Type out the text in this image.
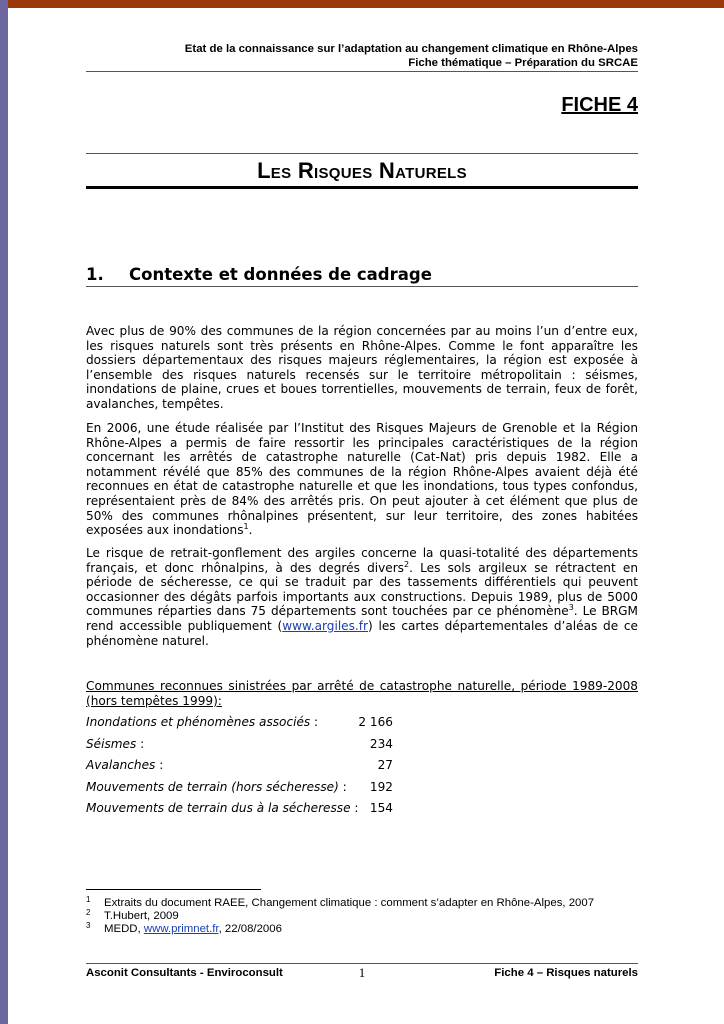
Etat de la connaissance sur l’adaptation au changement climatique en Rhône-Alpes
Fiche thématique – Préparation du SRCAE
FICHE 4
Les Risques Naturels
1. Contexte et données de cadrage
Avec plus de 90% des communes de la région concernées par au moins l’un d’entre eux, les risques naturels sont très présents en Rhône-Alpes. Comme le font apparaître les dossiers départementaux des risques majeurs réglementaires, la région est exposée à l’ensemble des risques naturels recensés sur le territoire métropolitain : séismes, inondations de plaine, crues et boues torrentielles, mouvements de terrain, feux de forêt, avalanches, tempêtes.
En 2006, une étude réalisée par l’Institut des Risques Majeurs de Grenoble et la Région Rhône-Alpes a permis de faire ressortir les principales caractéristiques de la région concernant les arrêtés de catastrophe naturelle (Cat-Nat) pris depuis 1982. Elle a notamment révélé que 85% des communes de la région Rhône-Alpes avaient déjà été reconnues en état de catastrophe naturelle et que les inondations, tous types confondus, représentaient près de 84% des arrêtés pris. On peut ajouter à cet élément que plus de 50% des communes rhônalpines présentent, sur leur territoire, des zones habitées exposées aux inondations$^1$.
Le risque de retrait-gonflement des argiles concerne la quasi-totalité des départements français, et donc rhônalpins, à des degrés divers$^2$. Les sols argileux se rétractent en période de sécheresse, ce qui se traduit par des tassements différentiels qui peuvent occasionner des dégâts parfois importants aux constructions. Depuis 1989, plus de 5000 communes réparties dans 75 départements sont touchées par ce phénomène$^3$. Le BRGM rend accessible publiquement (www.argiles.fr) les cartes départementales d’aléas de ce phénomène naturel.
Communes reconnues sinistrées par arrêté de catastrophe naturelle, période 1989-2008 (hors tempêtes 1999):
Inondations et phénomènes associés :	2 166
Séismes :	234
Avalanches :	27
Mouvements de terrain (hors sécheresse) :	192
Mouvements de terrain dus à la sécheresse : 154
1 Extraits du document RAEE, Changement climatique : comment s’adapter en Rhône-Alpes, 2007
2 T.Hubert, 2009
3 MEDD, www.primnet.fr, 22/08/2006
Asconit Consultants - Enviroconsult	1	Fiche 4 – Risques naturels
